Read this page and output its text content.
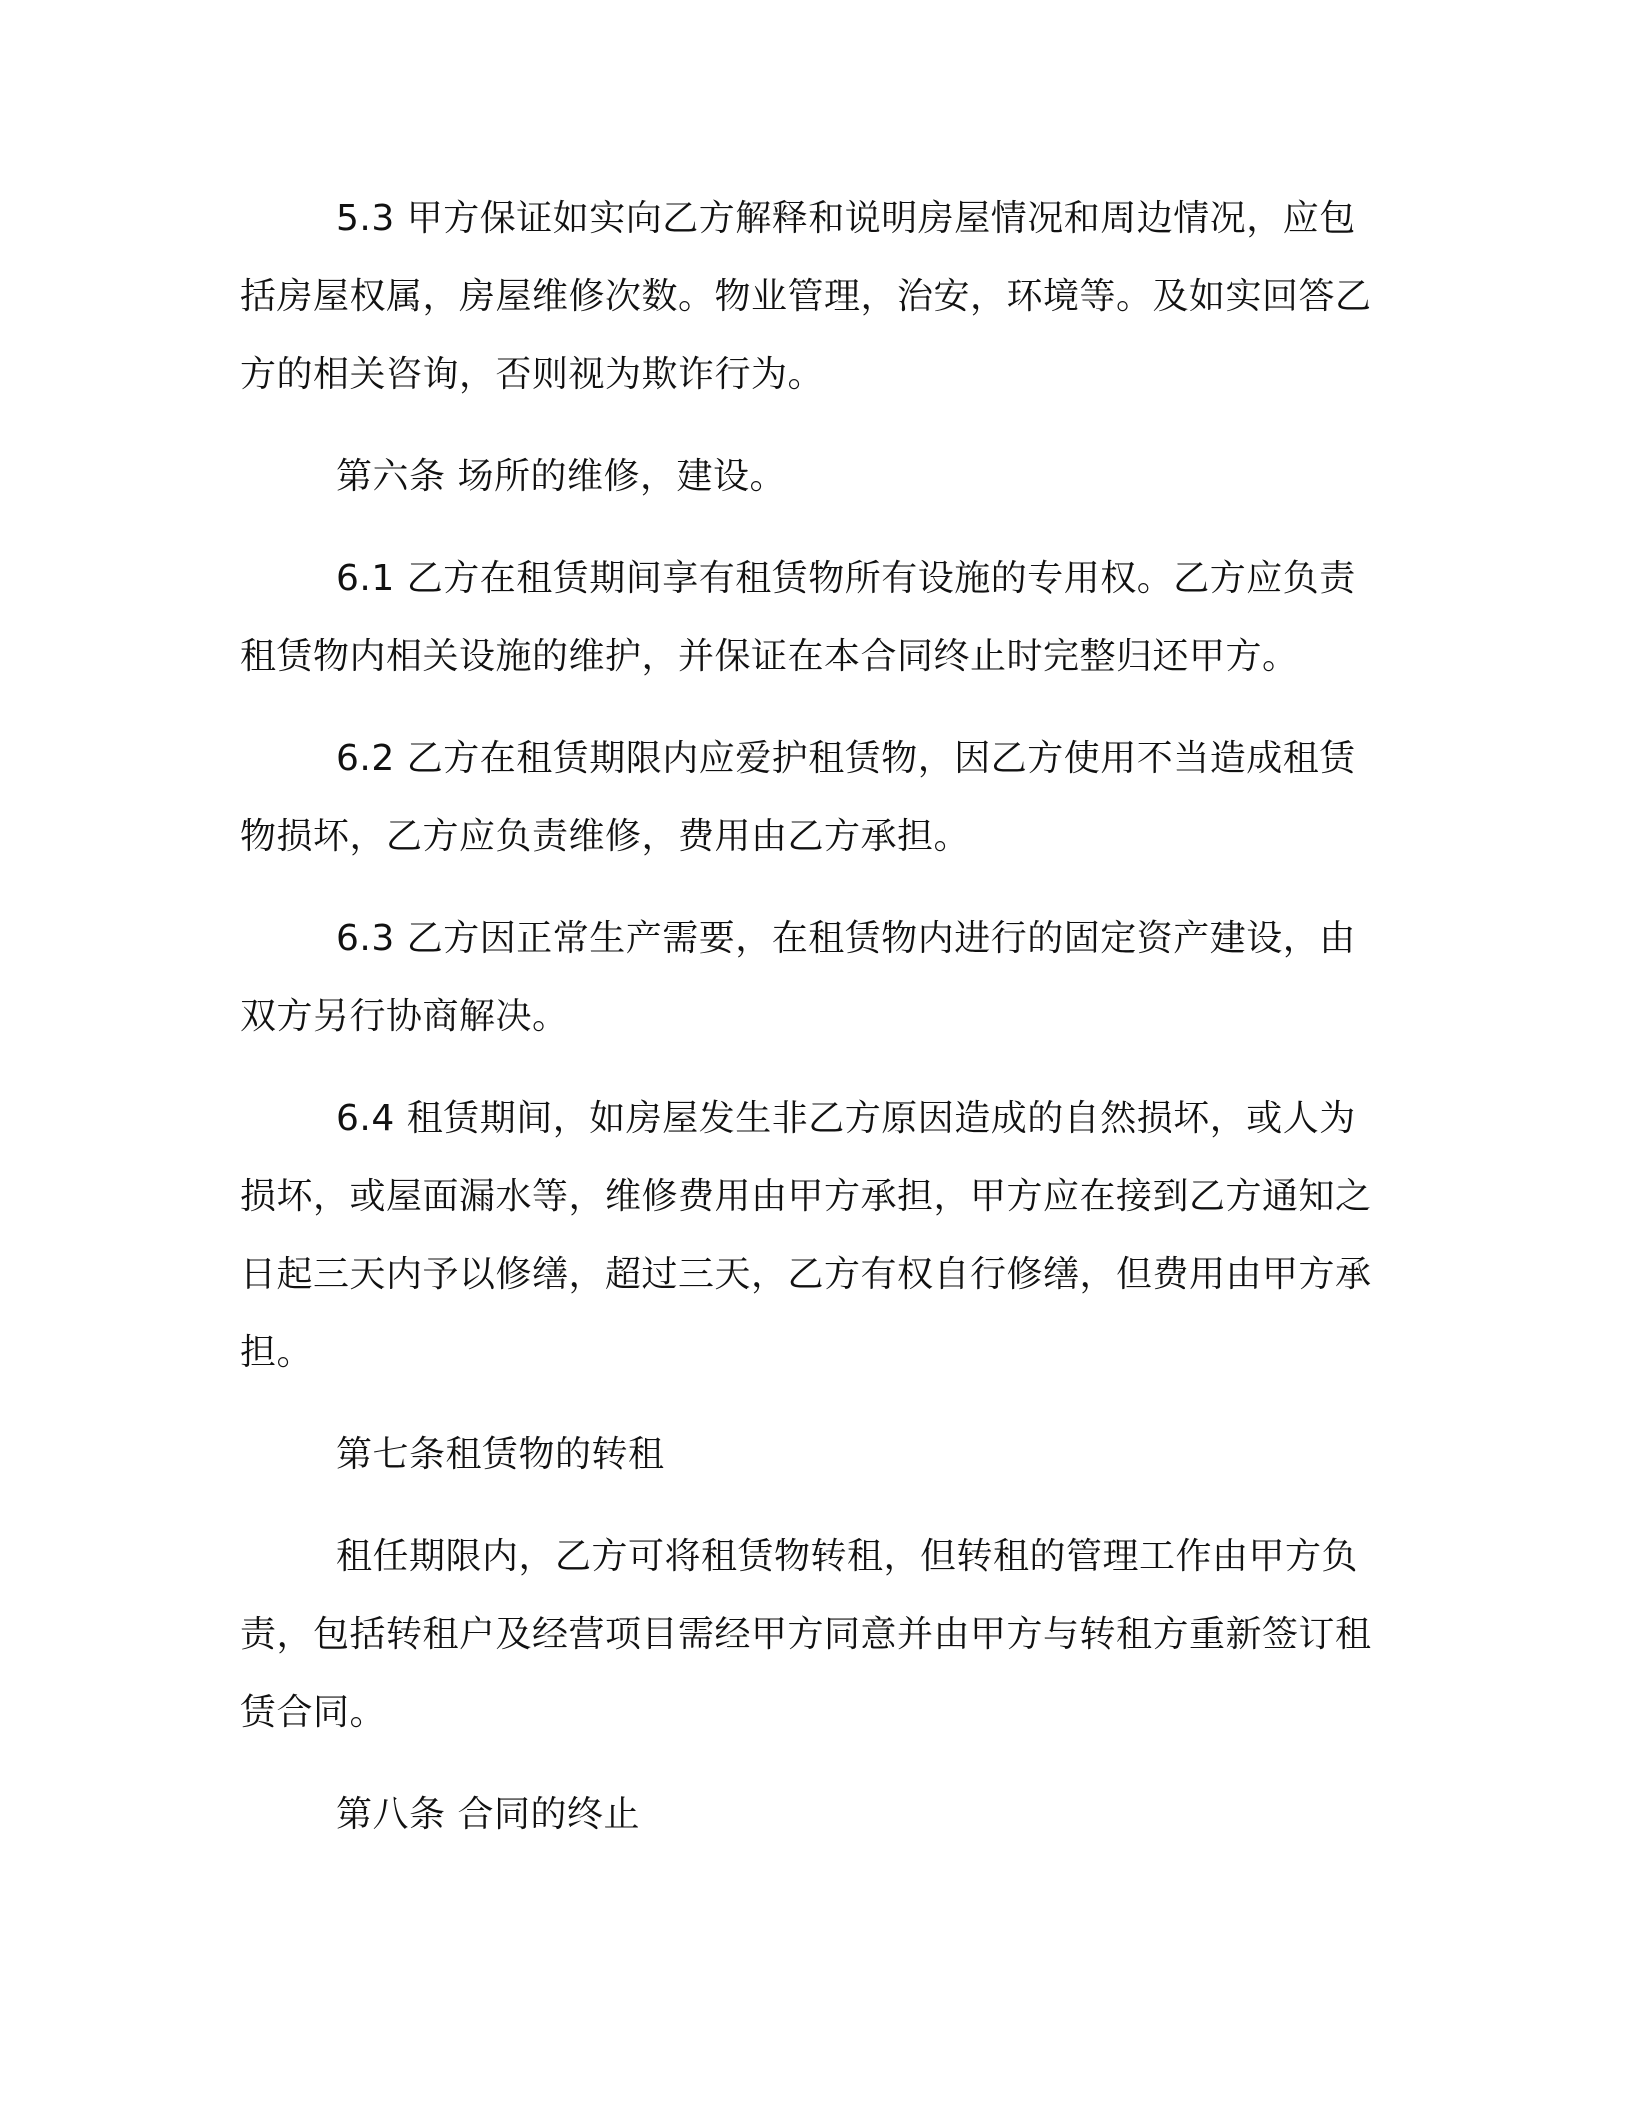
5.3 甲方保证如实向乙方解释和说明房屋情况和周边情况，应包括房屋权属，房屋维修次数。物业管理，治安，环境等。及如实回答乙方的相关咨询，否则视为欺诈行为。

第六条 场所的维修，建设。

6.1 乙方在租赁期间享有租赁物所有设施的专用权。乙方应负责租赁物内相关设施的维护，并保证在本合同终止时完整归还甲方。

6.2 乙方在租赁期限内应爱护租赁物，因乙方使用不当造成租赁物损坏，乙方应负责维修，费用由乙方承担。

6.3 乙方因正常生产需要，在租赁物内进行的固定资产建设，由双方另行协商解决。

6.4 租赁期间，如房屋发生非乙方原因造成的自然损坏，或人为损坏，或屋面漏水等，维修费用由甲方承担，甲方应在接到乙方通知之日起三天内予以修缮，超过三天，乙方有权自行修缮，但费用由甲方承担。

第七条租赁物的转租

租任期限内，乙方可将租赁物转租，但转租的管理工作由甲方负责，包括转租户及经营项目需经甲方同意并由甲方与转租方重新签订租赁合同。

第八条 合同的终止
